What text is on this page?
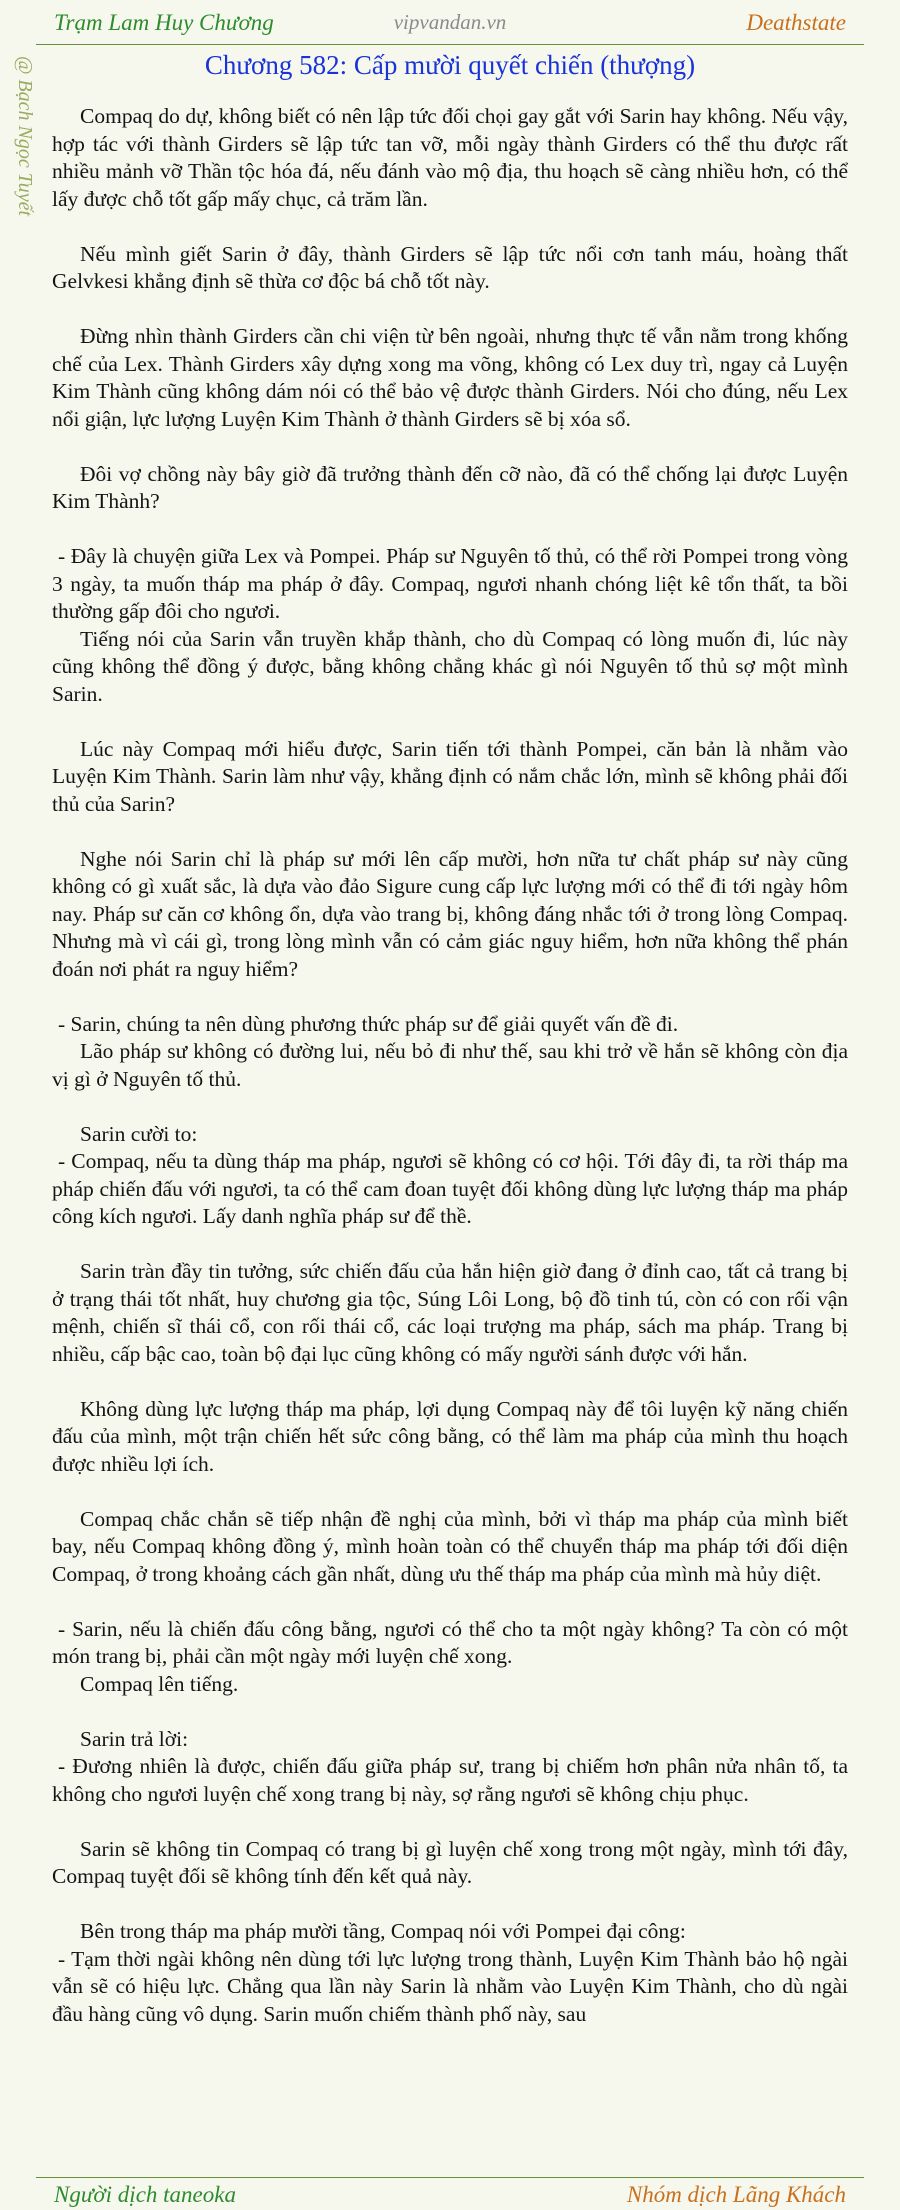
Trạm Lam Huy Chương	vipvandan.vn	Deathstate
@ Bạch Ngọc Tuyết	Chương 582: Cấp mười quyết chiến (thượng)

Compaq do dự, không biết có nên lập tức đối chọi gay gắt với Sarin hay không. Nếu vậy, hợp tác với thành Girders sẽ lập tức tan vỡ, mỗi ngày thành Girders có thể thu được rất nhiều mảnh vỡ Thần tộc hóa đá, nếu đánh vào mộ địa, thu hoạch sẽ càng nhiều hơn, có thể lấy được chỗ tốt gấp mấy chục, cả trăm lần.

Nếu mình giết Sarin ở đây, thành Girders sẽ lập tức nổi cơn tanh máu, hoàng thất Gelvkesi khẳng định sẽ thừa cơ độc bá chỗ tốt này.

Đừng nhìn thành Girders cần chi viện từ bên ngoài, nhưng thực tế vẫn nằm trong khống chế của Lex. Thành Girders xây dựng xong ma võng, không có Lex duy trì, ngay cả Luyện Kim Thành cũng không dám nói có thể bảo vệ được thành Girders. Nói cho đúng, nếu Lex nổi giận, lực lượng Luyện Kim Thành ở thành Girders sẽ bị xóa sổ.

Đôi vợ chồng này bây giờ đã trưởng thành đến cỡ nào, đã có thể chống lại được Luyện Kim Thành?

- Đây là chuyện giữa Lex và Pompei. Pháp sư Nguyên tố thủ, có thể rời Pompei trong vòng 3 ngày, ta muốn tháp ma pháp ở đây. Compaq, ngươi nhanh chóng liệt kê tổn thất, ta bồi thường gấp đôi cho ngươi.

Tiếng nói của Sarin vẫn truyền khắp thành, cho dù Compaq có lòng muốn đi, lúc này cũng không thể đồng ý được, bằng không chẳng khác gì nói Nguyên tố thủ sợ một mình Sarin.

Lúc này Compaq mới hiểu được, Sarin tiến tới thành Pompei, căn bản là nhằm vào Luyện Kim Thành. Sarin làm như vậy, khẳng định có nắm chắc lớn, mình sẽ không phải đối thủ của Sarin?

Nghe nói Sarin chỉ là pháp sư mới lên cấp mười, hơn nữa tư chất pháp sư này cũng không có gì xuất sắc, là dựa vào đảo Sigure cung cấp lực lượng mới có thể đi tới ngày hôm nay. Pháp sư căn cơ không ổn, dựa vào trang bị, không đáng nhắc tới ở trong lòng Compaq. Nhưng mà vì cái gì, trong lòng mình vẫn có cảm giác nguy hiểm, hơn nữa không thể phán đoán nơi phát ra nguy hiểm?

- Sarin, chúng ta nên dùng phương thức pháp sư để giải quyết vấn đề đi.

Lão pháp sư không có đường lui, nếu bỏ đi như thế, sau khi trở về hắn sẽ không còn địa vị gì ở Nguyên tố thủ.

Sarin cười to:

- Compaq, nếu ta dùng tháp ma pháp, ngươi sẽ không có cơ hội. Tới đây đi, ta rời tháp ma pháp chiến đấu với ngươi, ta có thể cam đoan tuyệt đối không dùng lực lượng tháp ma pháp công kích ngươi. Lấy danh nghĩa pháp sư để thề.

Sarin tràn đầy tin tưởng, sức chiến đấu của hắn hiện giờ đang ở đỉnh cao, tất cả trang bị ở trạng thái tốt nhất, huy chương gia tộc, Súng Lôi Long, bộ đồ tinh tú, còn có con rối vận mệnh, chiến sĩ thái cổ, con rối thái cổ, các loại trượng ma pháp, sách ma pháp. Trang bị nhiều, cấp bậc cao, toàn bộ đại lục cũng không có mấy người sánh được với hắn.

Không dùng lực lượng tháp ma pháp, lợi dụng Compaq này để tôi luyện kỹ năng chiến đấu của mình, một trận chiến hết sức công bằng, có thể làm ma pháp của mình thu hoạch được nhiều lợi ích.

Compaq chắc chắn sẽ tiếp nhận đề nghị của mình, bởi vì tháp ma pháp của mình biết bay, nếu Compaq không đồng ý, mình hoàn toàn có thể chuyển tháp ma pháp tới đối diện Compaq, ở trong khoảng cách gần nhất, dùng ưu thế tháp ma pháp của mình mà hủy diệt.

- Sarin, nếu là chiến đấu công bằng, ngươi có thể cho ta một ngày không? Ta còn có một món trang bị, phải cần một ngày mới luyện chế xong.

Compaq lên tiếng.

Sarin trả lời:

- Đương nhiên là được, chiến đấu giữa pháp sư, trang bị chiếm hơn phân nửa nhân tố, ta không cho ngươi luyện chế xong trang bị này, sợ rằng ngươi sẽ không chịu phục.

Sarin sẽ không tin Compaq có trang bị gì luyện chế xong trong một ngày, mình tới đây, Compaq tuyệt đối sẽ không tính đến kết quả này.

Bên trong tháp ma pháp mười tầng, Compaq nói với Pompei đại công:

- Tạm thời ngài không nên dùng tới lực lượng trong thành, Luyện Kim Thành bảo hộ ngài vẫn sẽ có hiệu lực. Chẳng qua lần này Sarin là nhằm vào Luyện Kim Thành, cho dù ngài đầu hàng cũng vô dụng. Sarin muốn chiếm thành phố này, sau

Người dịch taneoka	Nhóm dịch Lãng Khách
